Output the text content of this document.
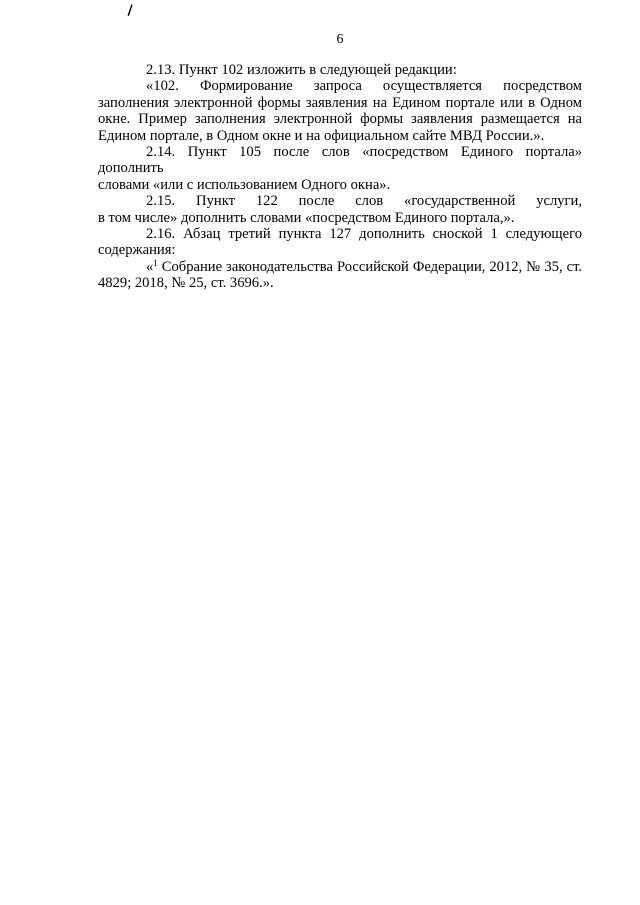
6

2.13. Пункт 102 изложить в следующей редакции:

«102. Формирование запроса осуществляется посредством заполнения электронной формы заявления на Едином портале или в Одном окне. Пример заполнения электронной формы заявления размещается на Едином портале, в Одном окне и на официальном сайте МВД России.».

2.14. Пункт 105 после слов «посредством Единого портала» дополнить

словами «или с использованием Одного окна».

2.15. Пункт 122 после слов «государственной услуги,

в том числе» дополнить словами «посредством Единого портала,».

2.16. Абзац третий пункта 127 дополнить сноской 1 следующего

содержания:

«$^1$ Собрание законодательства Российской Федерации, 2012, № 35, ст. 4829; 2018, № 25, ст. 3696.».
